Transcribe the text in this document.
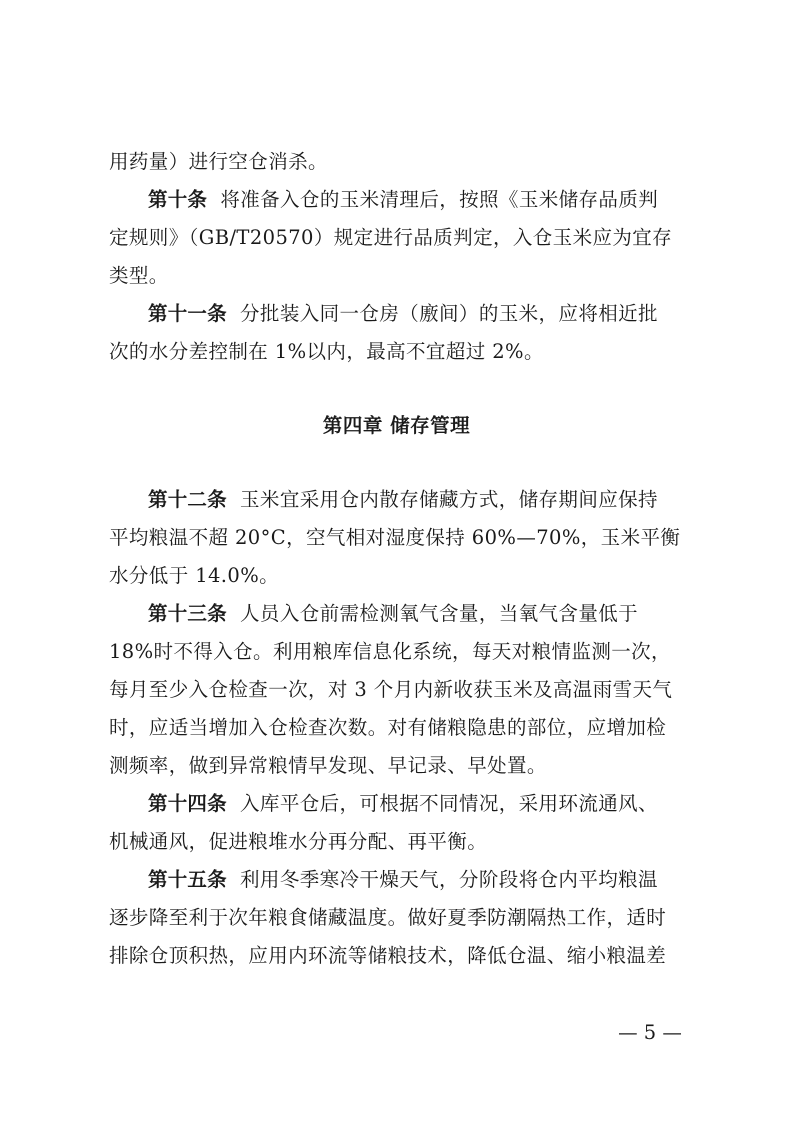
用药量）进行空仓消杀。
第十条 将准备入仓的玉米清理后，按照《玉米储存品质判
定规则》（GB/T20570）规定进行品质判定，入仓玉米应为宜存
类型。
第十一条 分批装入同一仓房（廒间）的玉米，应将相近批
次的水分差控制在 1%以内，最高不宜超过 2%。
第四章 储存管理
第十二条 玉米宜采用仓内散存储藏方式，储存期间应保持
平均粮温不超 20°C，空气相对湿度保持 60%—70%，玉米平衡
水分低于 14.0%。
第十三条 人员入仓前需检测氧气含量，当氧气含量低于
18%时不得入仓。利用粮库信息化系统，每天对粮情监测一次，
每月至少入仓检查一次，对 3 个月内新收获玉米及高温雨雪天气
时，应适当增加入仓检查次数。对有储粮隐患的部位，应增加检
测频率，做到异常粮情早发现、早记录、早处置。
第十四条 入库平仓后，可根据不同情况，采用环流通风、
机械通风，促进粮堆水分再分配、再平衡。
第十五条 利用冬季寒冷干燥天气，分阶段将仓内平均粮温
逐步降至利于次年粮食储藏温度。做好夏季防潮隔热工作，适时
排除仓顶积热，应用内环流等储粮技术，降低仓温、缩小粮温差
— 5 —
